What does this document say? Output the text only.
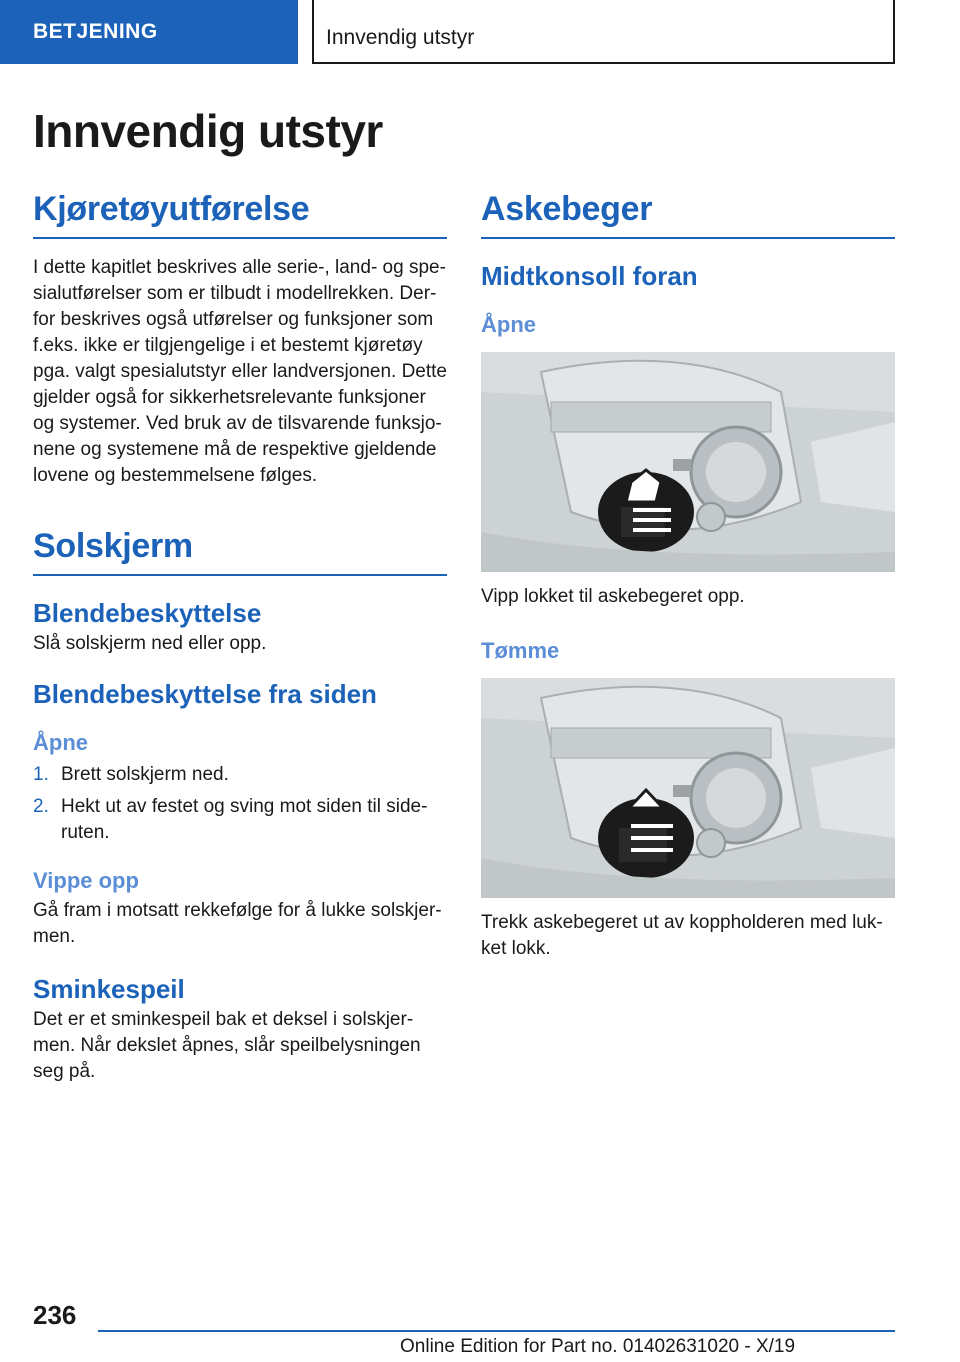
BETJENING	Innvendig utstyr
Innvendig utstyr
Kjøretøyutførelse

I dette kapitlet beskrives alle serie-, land- og spe-

sialutførelser som er tilbudt i modellrekken. Der-

for beskrives også utførelser og funksjoner som

f.eks. ikke er tilgjengelige i et bestemt kjøretøy

pga. valgt spesialutstyr eller landversjonen. Dette

gjelder også for sikkerhetsrelevante funksjoner

og systemer. Ved bruk av de tilsvarende funksjo-

nene og systemene må de respektive gjeldende

lovene og bestemmelsene følges.

Solskjerm
Blendebeskyttelse

Slå solskjerm ned eller opp.

Blendebeskyttelse fra siden
Åpne
1. Brett solskjerm ned.
2. Hekt ut av festet og sving mot siden til side-
ruten.
Vippe opp

Gå fram i motsatt rekkefølge for å lukke solskjer-

men.

Sminkespeil

Det er et sminkespeil bak et deksel i solskjer-

men. Når dekslet åpnes, slår speilbelysningen

seg på.

Askebeger
Midtkonsoll foran
Åpne

Vipp lokket til askebegeret opp.

Tømme

Trekk askebegeret ut av koppholderen med luk-

ket lokk.

236
Online Edition for Part no. 01402631020 - X/19
